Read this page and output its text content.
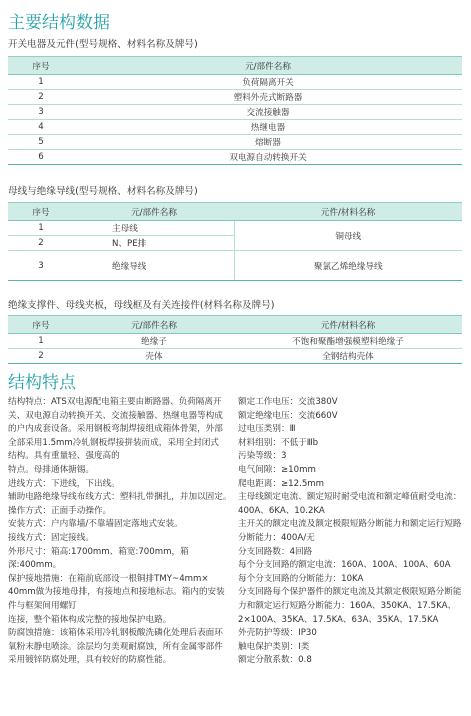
主要结构数据
开关电器及元件(型号规格、材料名称及牌号)
序号	元/部件名称
1	负荷隔离开关
2	塑料外壳式断路器
3	交流接触器
4	热继电器
5	熔断器
6	双电源自动转换开关
母线与绝缘导线(型号规格、材料名称及牌号)
序号	元/部件名称	元件/材料名称
1	主母线	铜母线
2	N、PE排	
3	绝缘导线	聚氯乙烯绝缘导线
绝缘支撑件、母线夹板，母线框及有关连接件(材料名称及牌号)
序号	元/部件名称	元件/材料名称
1	绝缘子	不饱和聚酯增强模塑料绝缘子
2	壳体	全钢结构壳体
结构特点
结构特点：ATS双电源配电箱主要由断路器、负荷隔离开
关、双电源自动转换开关、交流接触器、热继电器等构成
的户内成套设备。采用钢板弯制焊接组成箱体骨架，外部
全部采用1.5mm冷轧钢板焊接拼装而成，采用全封闭式
结构。具有重量轻、强度高的
特点。母排通体搪锡。
进线方式：下进线，下出线。
辅助电路绝缘导线布线方式：塑料扎带捆扎，并加以固定。
操作方式：正面手动操作。
安装方式：户内靠墙/不靠墙固定落地式安装。
接线方式：固定接线。
外形尺寸：箱高:1700mm、箱宽:700mm，箱
深:400mm。
保护接地措施：在箱前底部设一根铜排TMY~4mm×
40mm做为接地母排，有接地点和接地标志。箱内的安装
件与框架间用螺钉
连接，整个箱体构成完整的接地保护电路。
防腐蚀措施：该箱体采用冷轧钢板酸洗磷化处理后表面环
氧粉末静电喷涂。涂层均匀美观耐腐蚀，所有金属零部件
采用镀锌防腐处理，具有较好的防腐性能。
额定工作电压：交流380V
额定绝缘电压：交流660V
过电压类别：Ⅲ
材料组别：不低于Ⅲb
污染等级：3
电气间隙：≥10mm
爬电距离：≥12.5mm
主母线额定电流、额定短时耐受电流和额定峰值耐受电流：
400A、6KA、10.2KA
主开关的额定电流及额定极限短路分断能力和额定运行短路
分断能力：400A/无
分支回路数：4回路
每个分支回路的额定电流：160A、100A、100A、60A
每个分支回路的分断能力：10KA
分支回路每个保护器件的额定电流及其额定极限短路分断能
力和额定运行短路分断能力：160A、350KA、17.5KA、
2×100A、35KA、17.5KA、63A、35KA、17.5KA
外壳防护等级：IP30
触电保护类别：Ⅰ类
额定分散系数：0.8
